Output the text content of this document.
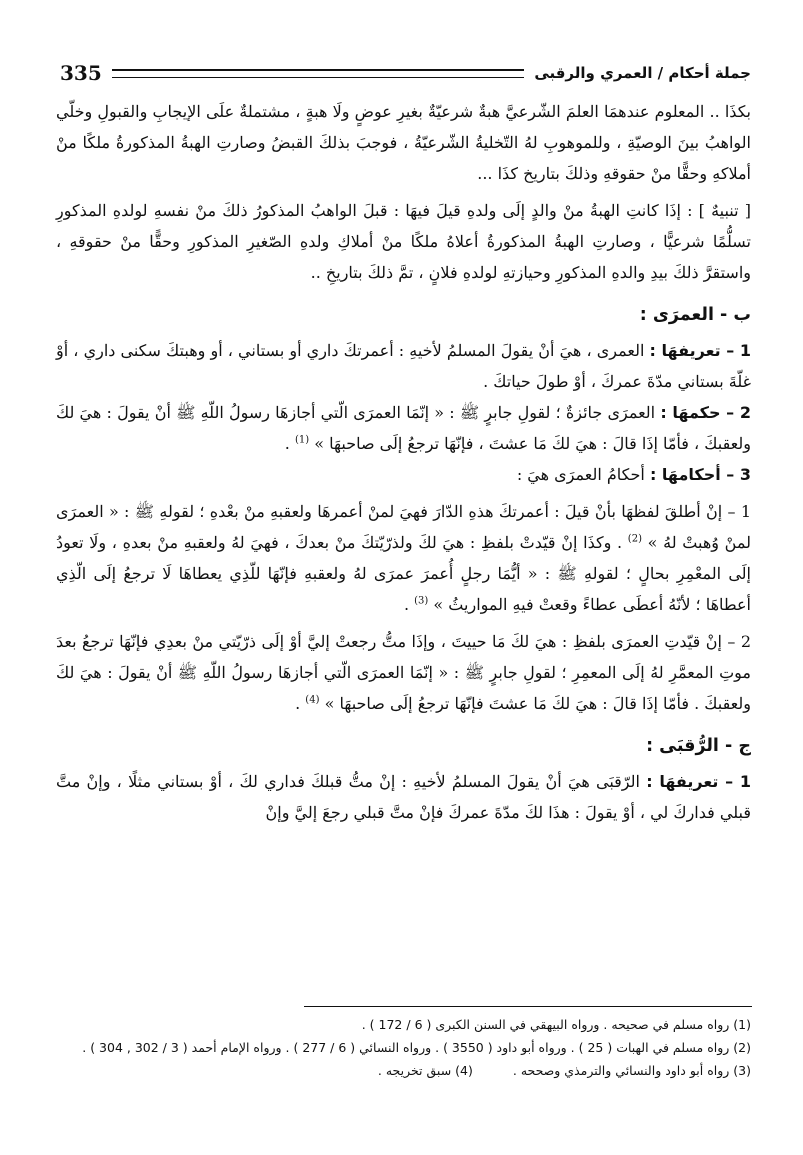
جملة أحكام / العمري والرقبى
335

بكذَا .. المعلوم عندهمَا العلمَ الشّرعيَّ هبةٌ شرعيّةٌ بغيرِ عوضٍ ولَا هبةٍ ، مشتملةٌ علَى الإيجابِ والقبولِ وخلّي الواهبُ بينَ الوصيّةِ ، وللموهوبِ لهُ التّخليةُ الشّرعيّةُ ، فوجبَ بذلكَ القبضُ وصارتِ الهبةُ المذكورةُ ملكًا منْ أملاكهِ وحقًّا منْ حقوقهِ وذلكَ بتاريخ كذَا ...

[ تنبيهٌ ] : إذَا كانتِ الهبةُ منْ والدٍ إلَى ولدهِ قيلَ فيهَا : قبلَ الواهبُ المذكورُ ذلكَ منْ نفسهِ لولدهِ المذكورِ تسلُّمًا شرعيًّا ، وصارتِ الهبةُ المذكورةُ أعلاهُ ملكًا منْ أملاكِ ولدهِ الصّغيرِ المذكورِ وحقًّا منْ حقوقهِ ، واستقرَّ ذلكَ بيدِ والدهِ المذكورِ وحيازتهِ لولدهِ فلانٍ ، تمَّ ذلكَ بتاريخِ ..

ب - العمرَى :

1 – تعريفهَا : العمرى ، هيَ أنْ يقولَ المسلمُ لأخيهِ : أعمرتكَ داري أو بستاني ، أو وهبتكَ سكنى داري ، أوْ غلّةَ بستاني مدّةَ عمركَ ، أوْ طولَ حياتكَ .

2 – حكمهَا : العمرَى جائزةٌ ؛ لقولِ جابرٍ ﷺ : « إنّمَا العمرَى الّتي أجازهَا رسولُ اللّهِ ﷺ أنْ يقولَ : هيَ لكَ ولعقبكَ ، فأمّا إذَا قالَ : هيَ لكَ مَا عشتَ ، فإنّهَا ترجعُ إلَى صاحبهَا » $^{(1)}$ .

3 – أحكامهَا : أحكامُ العمرَى هيَ :

1 – إنْ أطلقَ لفظهَا بأنْ قيلَ : أعمرتكَ هذهِ الدّارَ فهيَ لمنْ أعمرهَا ولعقبهِ منْ بعْدهِ ؛ لقولهِ ﷺ : « العمرَى لمنْ وُهبتْ لهُ » $^{(2)}$ . وكذَا إنْ قيّدتْ بلفظِ : هيَ لكَ ولذرّيّتكَ منْ بعدكَ ، فهيَ لهُ ولعقبهِ منْ بعدهِ ، ولَا تعودُ إلَى المعْمِرِ بحالٍ ؛ لقولهِ ﷺ : « أيُّمَا رجلٍ أُعمرَ عمرَى لهُ ولعقبهِ فإنّهَا للّذِي يعطاهَا لَا ترجعُ إلَى الّذِي أعطاهَا ؛ لأنّهُ أعطَى عطاءً وقعتْ فيهِ المواريثُ » $^{(3)}$ .

2 – إنْ قيّدتِ العمرَى بلفظِ : هيَ لكَ مَا حييتَ ، وإذَا متُّ رجعتْ إليَّ أوْ إلَى ذرّيّتي منْ بعدِي فإنّهَا ترجعُ بعدَ موتِ المعمَّرِ لهُ إلَى المعمِرِ ؛ لقولِ جابرٍ ﷺ : « إنّمَا العمرَى الّتي أجازهَا رسولُ اللّهِ ﷺ أنْ يقولَ : هيَ لكَ ولعقبكَ . فأمّا إذَا قالَ : هيَ لكَ مَا عشتَ فإنّهَا ترجعُ إلَى صاحبهَا » $^{(4)}$ .

ج - الرُّقبَى :

1 – تعريفهَا : الرّقبَى هيَ أنْ يقولَ المسلمُ لأخيهِ : إنْ متُّ قبلكَ فداري لكَ ، أوْ بستاني مثلًا ، وإنْ متَّ قبلي فداركَ لي ، أوْ يقولَ : هذَا لكَ مدّةَ عمركَ فإنْ متَّ قبلي رجعَ إليَّ وإنْ

(1) رواه مسلم في صحيحه . ورواه البيهقي في السنن الكبرى ( 6 / 172 ) .

(2) رواه مسلم في الهبات ( 25 ) . ورواه أبو داود ( 3550 ) . ورواه النسائي ( 6 / 277 ) . ورواه الإمام أحمد ( 3 / 302 , 304 ) .

(3) رواه أبو داود والنسائي والترمذي وصححه .

(4) سبق تخريجه .
